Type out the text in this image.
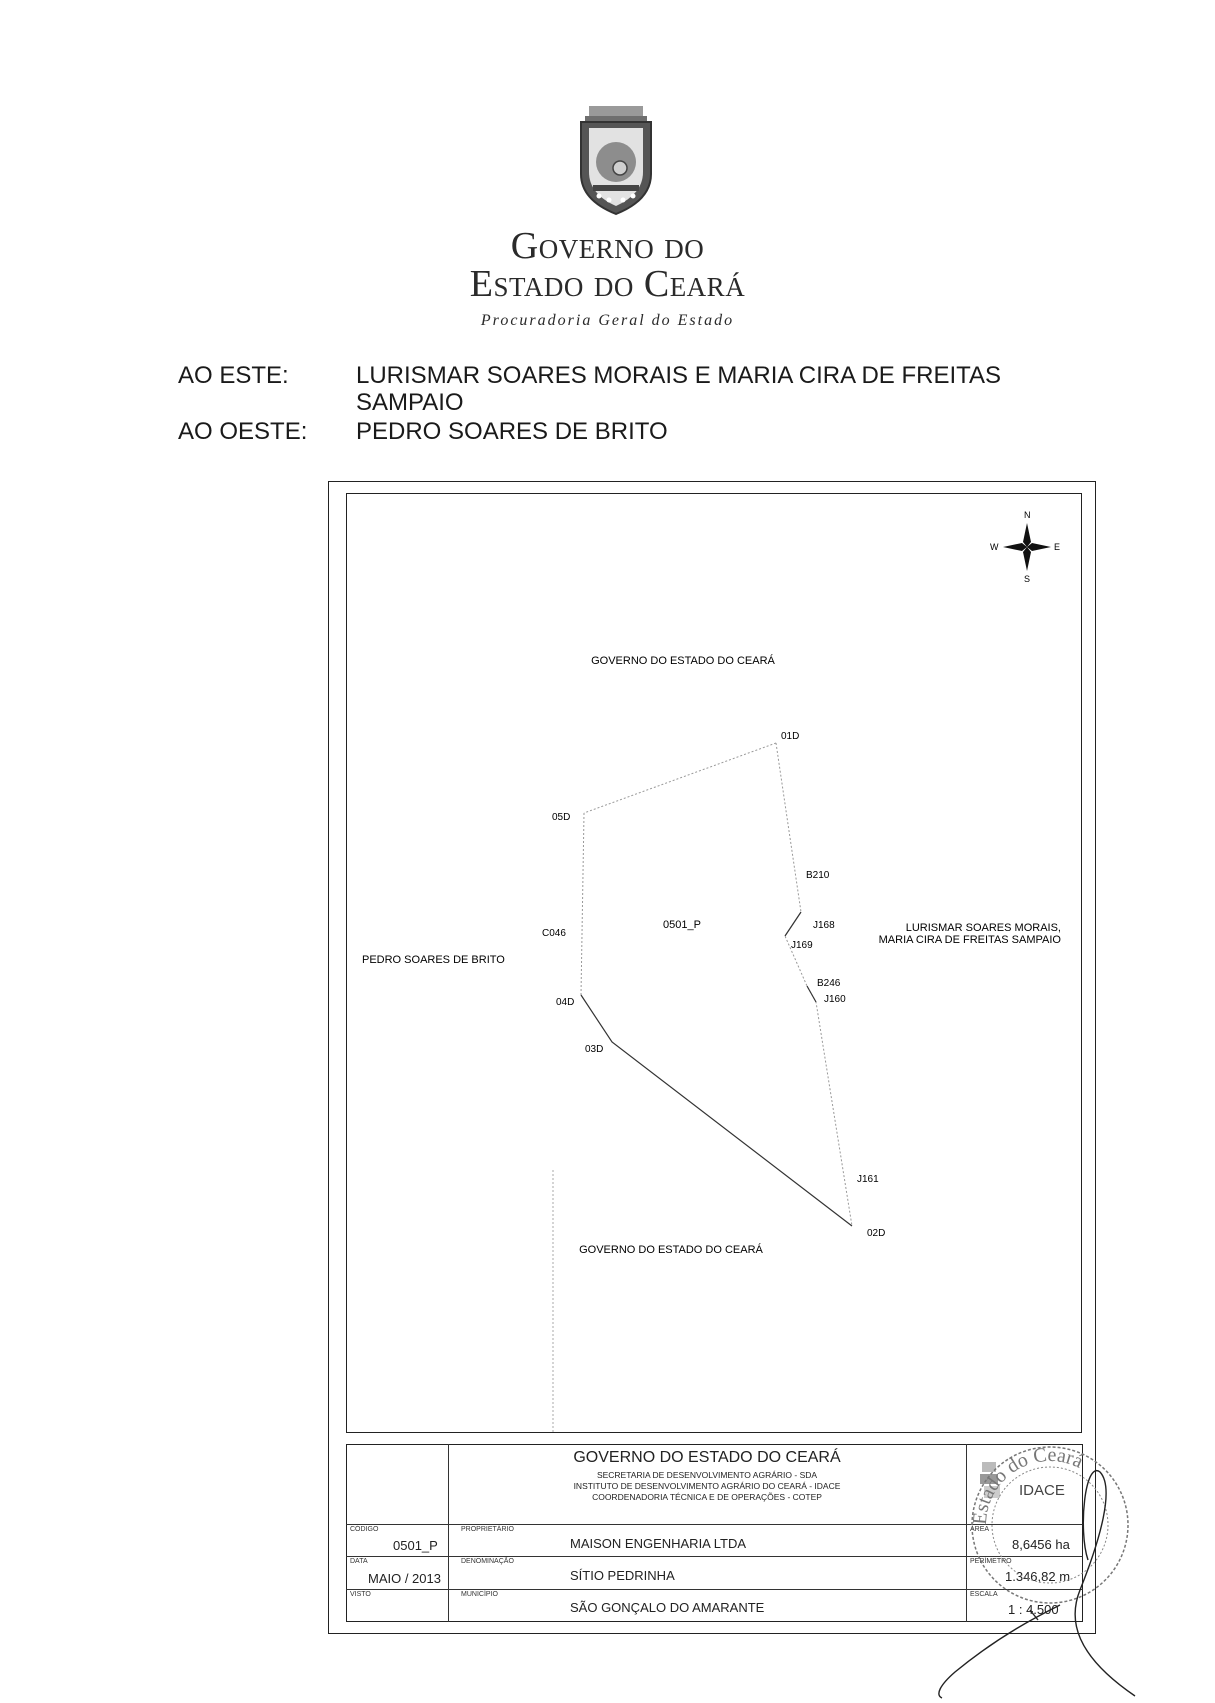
Governo do
Estado do Ceará
Procuradoria Geral do Estado
AO ESTE:	LURISMAR SOARES MORAIS E MARIA CIRA DE FREITAS SAMPAIO
AO OESTE: PEDRO SOARES DE BRITO
N
S
E
W
GOVERNO DO ESTADO DO CEARÁ
GOVERNO DO ESTADO DO CEARÁ
PEDRO SOARES DE BRITO
LURISMAR SOARES MORAIS,
MARIA CIRA DE FREITAS SAMPAIO
0501_P
01D
05D
B210
J168
J169
C046
B246
J160
04D
03D
J161
02D
GOVERNO DO ESTADO DO CEARÁ
SECRETARIA DE DESENVOLVIMENTO AGRÁRIO - SDA
INSTITUTO DE DESENVOLVIMENTO AGRÁRIO DO CEARÁ - IDACE
COORDENADORIA TÉCNICA E DE OPERAÇÕES - COTEP	IDACE
CÓDIGO
0501_P
DATA
MAIO / 2013
VISTO
PROPRIETÁRIO
MAISON ENGENHARIA LTDA
DENOMINAÇÃO
SÍTIO PEDRINHA
MUNICÍPIO
SÃO GONÇALO DO AMARANTE
ÁREA
8,6456 ha
PERÍMETRO
1.346,82 m
ESCALA
1 : 4.500
Estado do Ceará
